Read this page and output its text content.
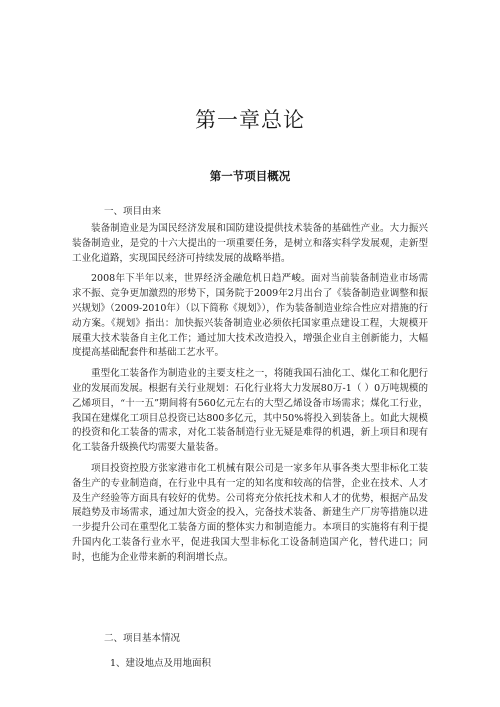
第一章总论
第一节项目概况
一、项目由来

装备制造业是为国民经济发展和国防建设提供技术装备的基础性产业。大力振兴装备制造业，是党的十六大提出的一项重要任务，是树立和落实科学发展观，走新型工业化道路，实现国民经济可持续发展的战略举措。

2008年下半年以来，世界经济金融危机日趋严峻。面对当前装备制造业市场需求不振、竞争更加激烈的形势下，国务院于2009年2月出台了《装备制造业调整和振兴规划》（2009-2010年）（以下简称《规划》），作为装备制造业综合性应对措施的行动方案。《规划》指出：加快振兴装备制造业必须依托国家重点建设工程，大规模开展重大技术装备自主化工作；通过加大技术改造投入，增强企业自主创新能力，大幅度提高基础配套件和基础工艺水平。

重型化工装备作为制造业的主要支柱之一，将随我国石油化工、煤化工和化肥行业的发展而发展。根据有关行业规划：石化行业将大力发展80万-1（ ）0万吨规模的乙烯项目，“十一五”期间将有560亿元左右的大型乙烯设备市场需求；煤化工行业，我国在建煤化工项目总投资已达800多亿元，其中50%将投入到装备上。如此大规模的投资和化工装备的需求，对化工装备制造行业无疑是难得的机遇，新上项目和现有化工装备升级换代均需要大量装备。

项目投资控股方张家港市化工机械有限公司是一家多年从事各类大型非标化工装备生产的专业制造商，在行业中具有一定的知名度和较高的信誉，企业在技术、人才及生产经验等方面具有较好的优势。公司将充分依托技术和人才的优势，根据产品发展趋势及市场需求，通过加大资金的投入，完备技术装备、新建生产厂房等措施以进一步提升公司在重型化工装备方面的整体实力和制造能力。本项目的实施将有利于提升国内化工装备行业水平，促进我国大型非标化工设备制造国产化，替代进口；同时，也能为企业带来新的利润增长点。

二、项目基本情况
1、建设地点及用地面积
